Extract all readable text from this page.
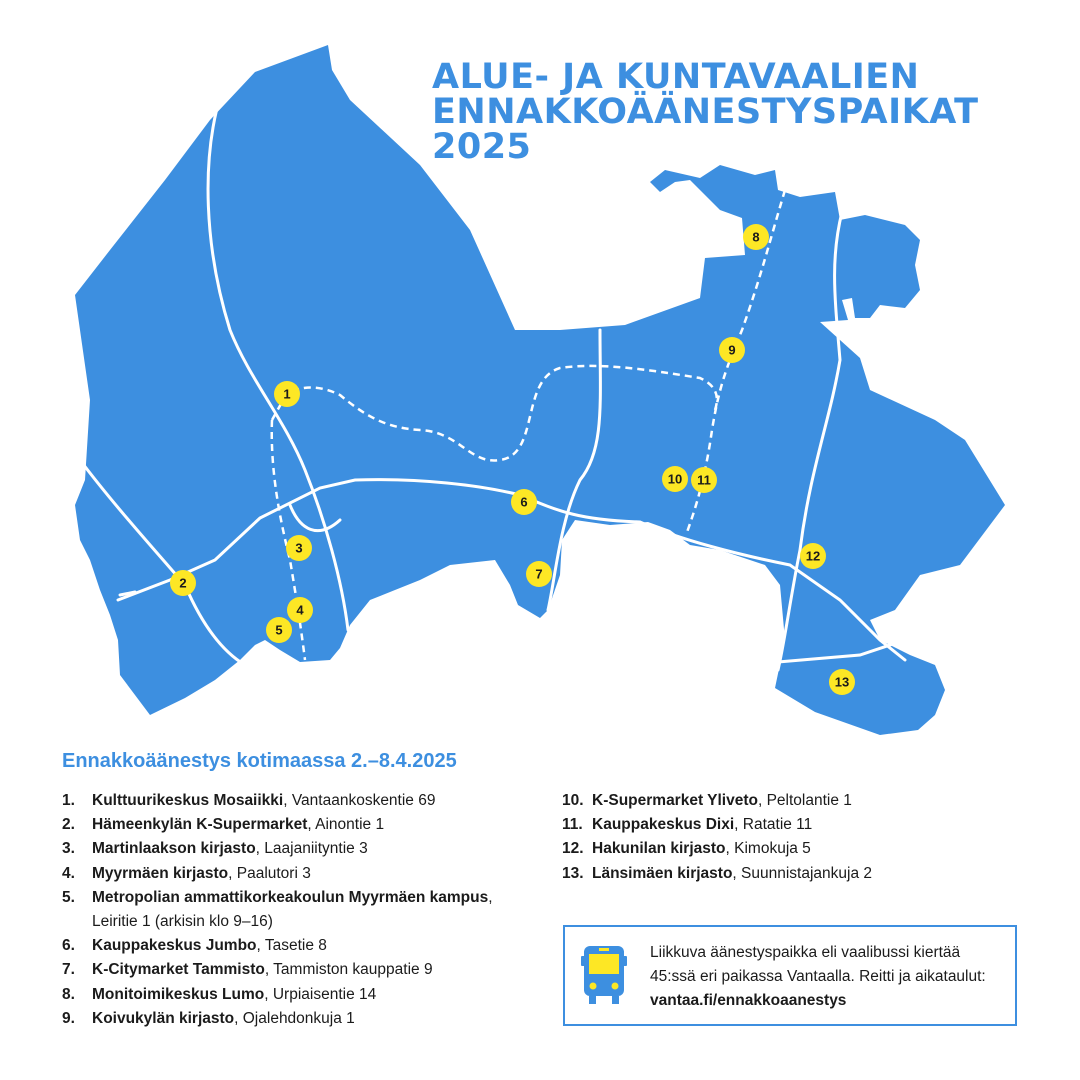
1
2
3
4
5
6
7
8
9
10 11
12
13
ALUE- JA KUNTAVAALIEN
ENNAKKOÄÄNESTYSPAIKAT
2025
Ennakkoäänestys kotimaassa 2.–8.4.2025
1.	Kulttuurikeskus Mosaiikki, Vantaankoskentie 69
2.	Hämeenkylän K-Supermarket, Ainontie 1
3.	Martinlaakson kirjasto, Laajaniityntie 3
4.	Myyrmäen kirjasto, Paalutori 3
5.	Metropolian ammattikorkeakoulun Myyrmäen kampus, Leiritie 1 (arkisin klo 9–16)
6.	Kauppakeskus Jumbo, Tasetie 8
7.	K-Citymarket Tammisto, Tammiston kauppatie 9
8.	Monitoimikeskus Lumo, Urpiaisentie 14
9.	Koivukylän kirjasto, Ojalehdonkuja 1
10. K-Supermarket Yliveto, Peltolantie 1
11. Kauppakeskus Dixi, Ratatie 11
12. Hakunilan kirjasto, Kimokuja 5
13. Länsimäen kirjasto, Suunnistajankuja 2
Liikkuva äänestyspaikka eli vaalibussi kiertää 45:ssä eri paikassa Vantaalla. Reitti ja aikataulut: vantaa.fi/ennakkoaanestys
